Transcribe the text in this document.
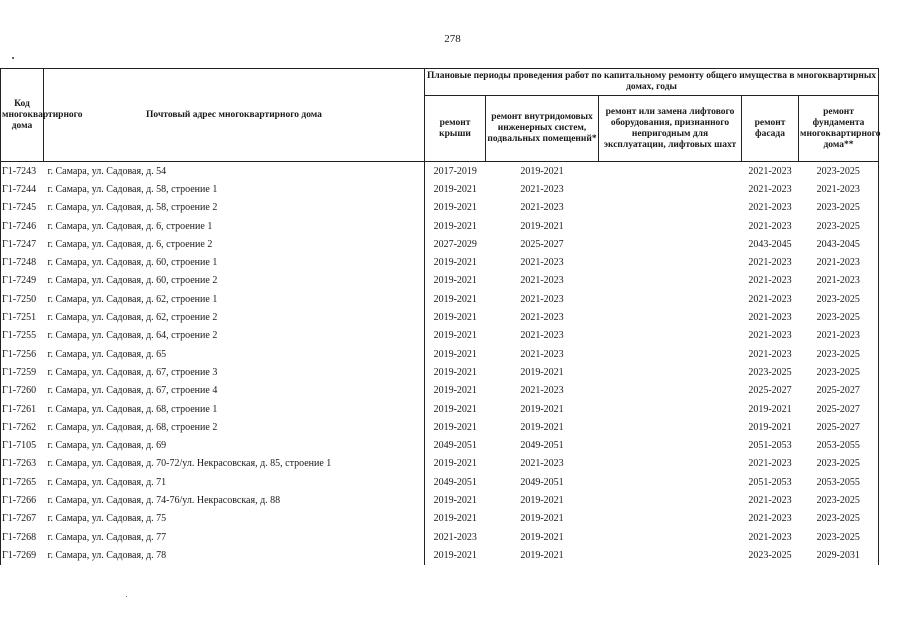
278
Код многоквартирного дома	Почтовый адрес многоквартирного дома	Плановые периоды проведения работ по капитальному ремонту общего имущества в многоквартирных домах, годы				
		ремонт крыши	ремонт внутридомовых инженерных систем, подвальных помещений*	ремонт или замена лифтового оборудования, признанного непригодным для эксплуатации, лифтовых шахт	ремонт фасада	ремонт фундамента многоквартирного дома**
Г1-7243	г. Самара, ул. Садовая, д. 54	2017-2019	2019-2021		2021-2023	2023-2025
Г1-7244	г. Самара, ул. Садовая, д. 58, строение 1	2019-2021	2021-2023		2021-2023	2021-2023
Г1-7245	г. Самара, ул. Садовая, д. 58, строение 2	2019-2021	2021-2023		2021-2023	2023-2025
Г1-7246	г. Самара, ул. Садовая, д. 6, строение 1	2019-2021	2019-2021		2021-2023	2023-2025
Г1-7247	г. Самара, ул. Садовая, д. 6, строение 2	2027-2029	2025-2027		2043-2045	2043-2045
Г1-7248	г. Самара, ул. Садовая, д. 60, строение 1	2019-2021	2021-2023		2021-2023	2021-2023
Г1-7249	г. Самара, ул. Садовая, д. 60, строение 2	2019-2021	2021-2023		2021-2023	2021-2023
Г1-7250	г. Самара, ул. Садовая, д. 62, строение 1	2019-2021	2021-2023		2021-2023	2023-2025
Г1-7251	г. Самара, ул. Садовая, д. 62, строение 2	2019-2021	2021-2023		2021-2023	2023-2025
Г1-7255	г. Самара, ул. Садовая, д. 64, строение 2	2019-2021	2021-2023		2021-2023	2021-2023
Г1-7256	г. Самара, ул. Садовая, д. 65	2019-2021	2021-2023		2021-2023	2023-2025
Г1-7259	г. Самара, ул. Садовая, д. 67, строение 3	2019-2021	2019-2021		2023-2025	2023-2025
Г1-7260	г. Самара, ул. Садовая, д. 67, строение 4	2019-2021	2021-2023		2025-2027	2025-2027
Г1-7261	г. Самара, ул. Садовая, д. 68, строение 1	2019-2021	2019-2021		2019-2021	2025-2027
Г1-7262	г. Самара, ул. Садовая, д. 68, строение 2	2019-2021	2019-2021		2019-2021	2025-2027
Г1-7105	г. Самара, ул. Садовая, д. 69	2049-2051	2049-2051		2051-2053	2053-2055
Г1-7263	г. Самара, ул. Садовая, д. 70-72/ул. Некрасовская, д. 85, строение 1	2019-2021	2021-2023		2021-2023	2023-2025
Г1-7265	г. Самара, ул. Садовая, д. 71	2049-2051	2049-2051		2051-2053	2053-2055
Г1-7266	г. Самара, ул. Садовая, д. 74-76/ул. Некрасовская, д. 88	2019-2021	2019-2021		2021-2023	2023-2025
Г1-7267	г. Самара, ул. Садовая, д. 75	2019-2021	2019-2021		2021-2023	2023-2025
Г1-7268	г. Самара, ул. Садовая, д. 77	2021-2023	2019-2021		2021-2023	2023-2025
Г1-7269	г. Самара, ул. Садовая, д. 78	2019-2021	2019-2021		2023-2025	2029-2031
